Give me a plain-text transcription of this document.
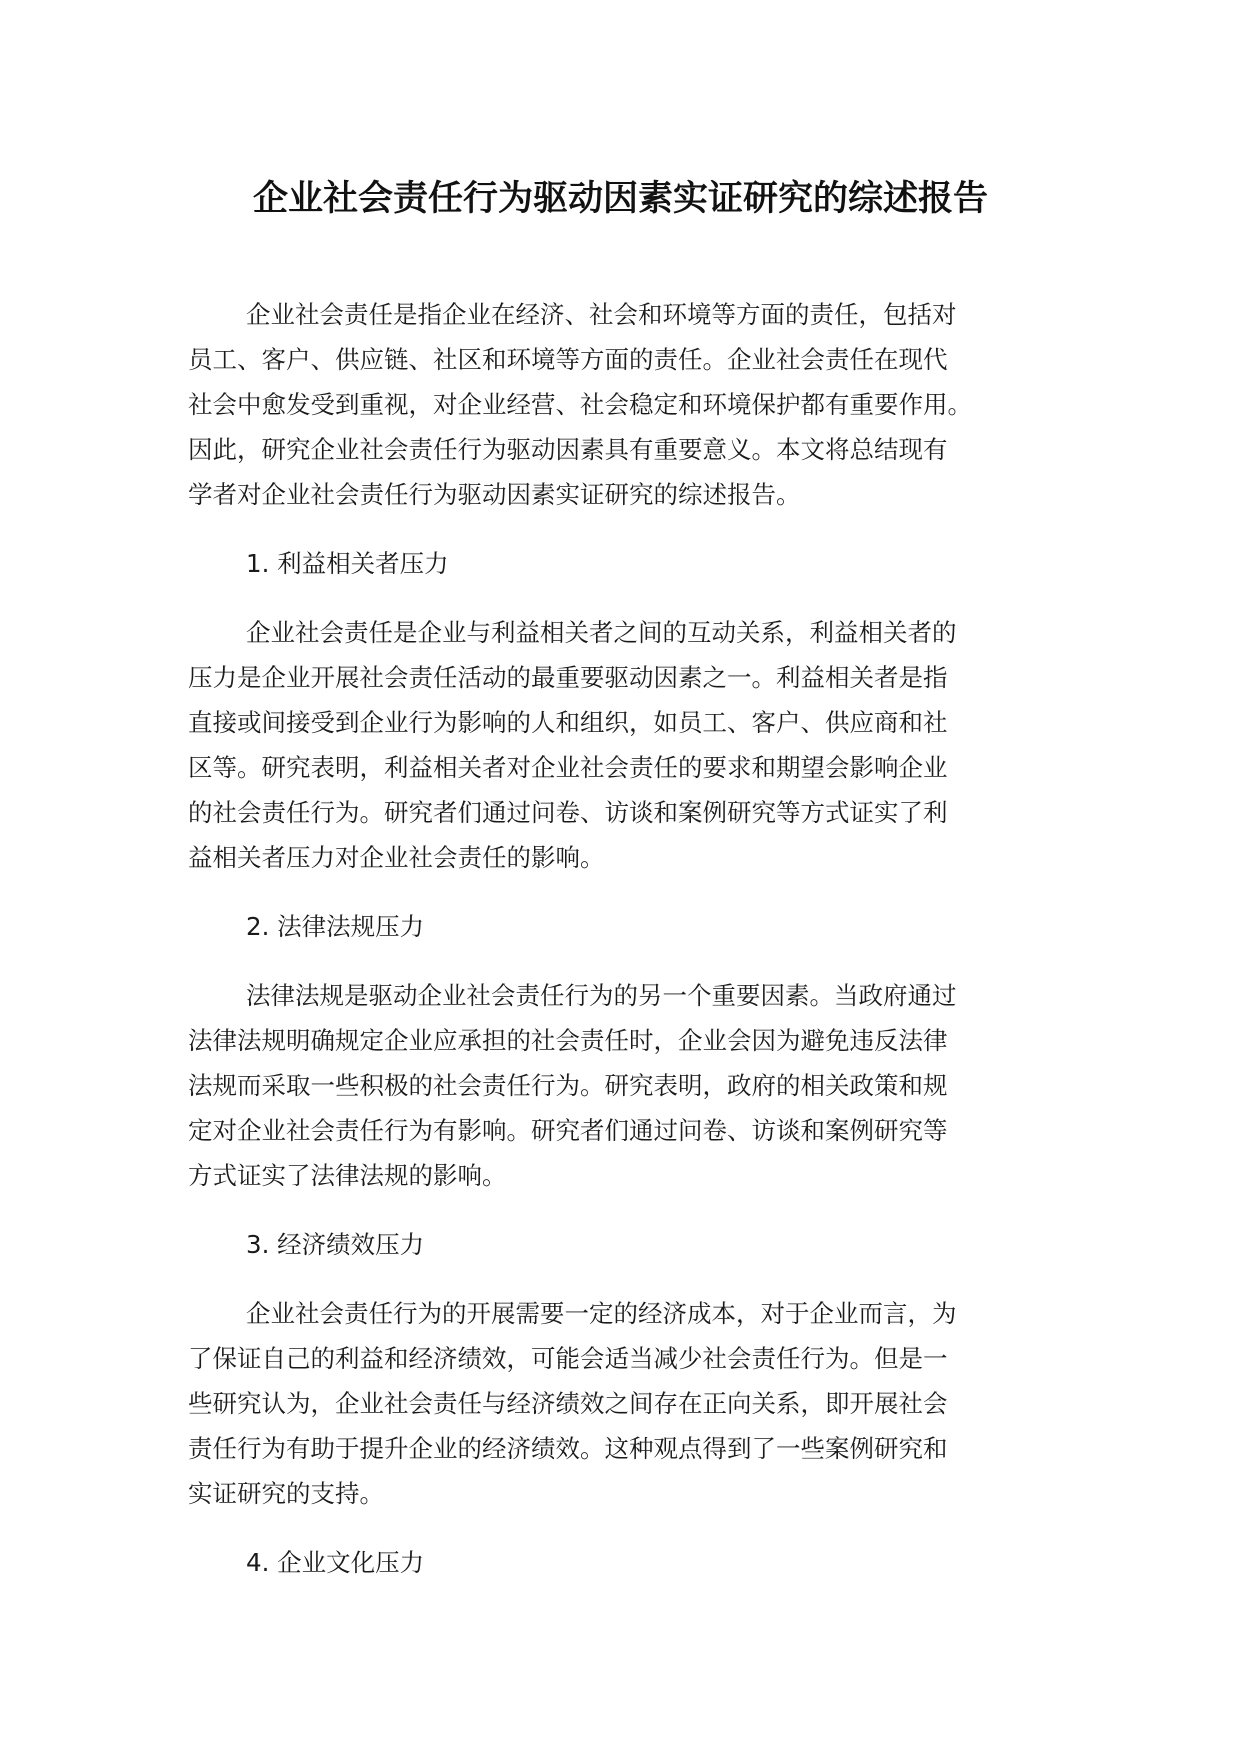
企业社会责任行为驱动因素实证研究的综述报告

企业社会责任是指企业在经济、社会和环境等方面的责任，包括对
员工、客户、供应链、社区和环境等方面的责任。企业社会责任在现代
社会中愈发受到重视，对企业经营、社会稳定和环境保护都有重要作用。
因此，研究企业社会责任行为驱动因素具有重要意义。本文将总结现有
学者对企业社会责任行为驱动因素实证研究的综述报告。

1. 利益相关者压力

企业社会责任是企业与利益相关者之间的互动关系，利益相关者的
压力是企业开展社会责任活动的最重要驱动因素之一。利益相关者是指
直接或间接受到企业行为影响的人和组织，如员工、客户、供应商和社
区等。研究表明，利益相关者对企业社会责任的要求和期望会影响企业
的社会责任行为。研究者们通过问卷、访谈和案例研究等方式证实了利
益相关者压力对企业社会责任的影响。

2. 法律法规压力

法律法规是驱动企业社会责任行为的另一个重要因素。当政府通过
法律法规明确规定企业应承担的社会责任时，企业会因为避免违反法律
法规而采取一些积极的社会责任行为。研究表明，政府的相关政策和规
定对企业社会责任行为有影响。研究者们通过问卷、访谈和案例研究等
方式证实了法律法规的影响。

3. 经济绩效压力

企业社会责任行为的开展需要一定的经济成本，对于企业而言，为
了保证自己的利益和经济绩效，可能会适当减少社会责任行为。但是一
些研究认为，企业社会责任与经济绩效之间存在正向关系，即开展社会
责任行为有助于提升企业的经济绩效。这种观点得到了一些案例研究和
实证研究的支持。

4. 企业文化压力
